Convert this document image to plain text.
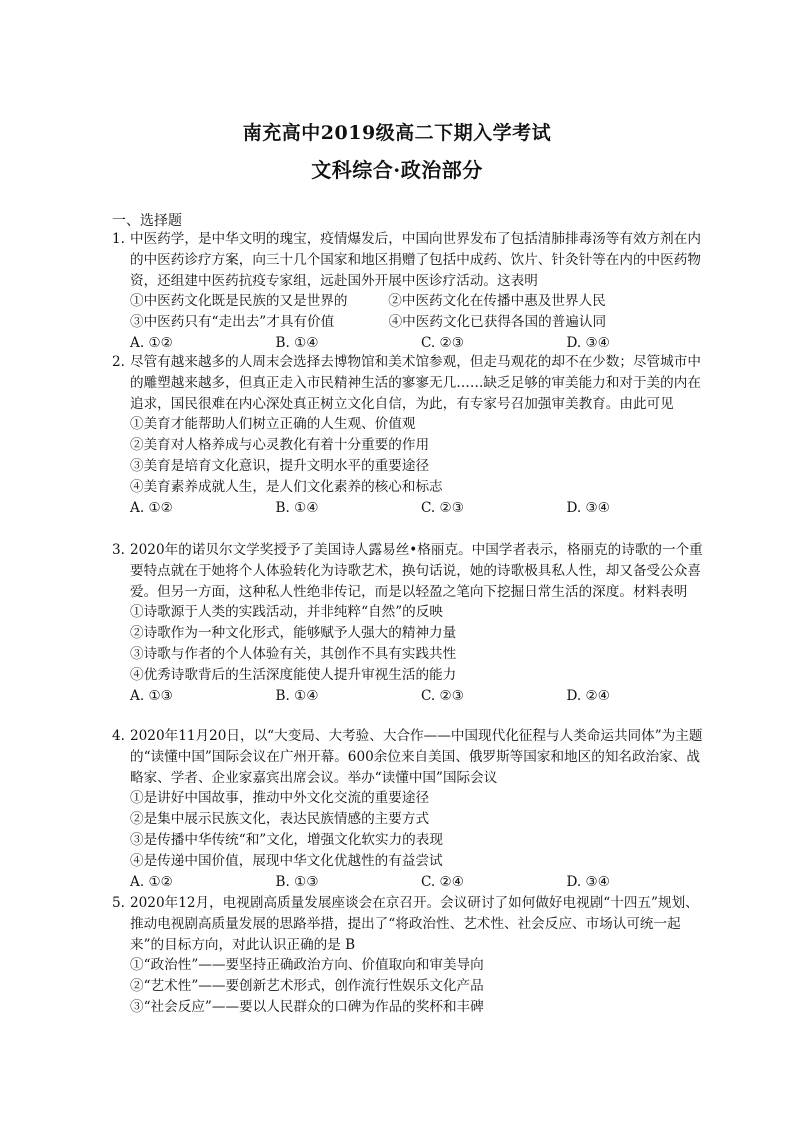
南充高中2019级高二下期入学考试
文科综合·政治部分
一、选择题
1. 中医药学，是中华文明的瑰宝，疫情爆发后，中国向世界发布了包括清肺排毒汤等有效方剂在内的中医药诊疗方案，向三十几个国家和地区捐赠了包括中成药、饮片、针灸针等在内的中医药物资，还组建中医药抗疫专家组，远赴国外开展中医诊疗活动。这表明
①中医药文化既是民族的又是世界的　　　②中医药文化在传播中惠及世界人民
③中医药只有“走出去”才具有价值　　　　④中医药文化已获得各国的普遍认同
A. ①②	B. ①④	C. ②③	D. ③④
2. 尽管有越来越多的人周末会选择去博物馆和美术馆参观，但走马观花的却不在少数；尽管城市中的雕塑越来越多，但真正走入市民精神生活的寥寥无几……缺乏足够的审美能力和对于美的内在追求，国民很难在内心深处真正树立文化自信，为此，有专家号召加强审美教育。由此可见
①美育才能帮助人们树立正确的人生观、价值观
②美育对人格养成与心灵教化有着十分重要的作用
③美育是培育文化意识，提升文明水平的重要途径
④美育素养成就人生，是人们文化素养的核心和标志
A. ①②	B. ①④	C. ②③	D. ③④
3. 2020年的诺贝尔文学奖授予了美国诗人露易丝•格丽克。中国学者表示，格丽克的诗歌的一个重要特点就在于她将个人体验转化为诗歌艺术，换句话说，她的诗歌极具私人性，却又备受公众喜爱。但另一方面，这种私人性绝非传记，而是以轻盈之笔向下挖掘日常生活的深度。材料表明
①诗歌源于人类的实践活动，并非纯粹“自然”的反映
②诗歌作为一种文化形式，能够赋予人强大的精神力量
③诗歌与作者的个人体验有关，其创作不具有实践共性
④优秀诗歌背后的生活深度能使人提升审视生活的能力
A. ①③	B. ①④	C. ②③	D. ②④
4. 2020年11月20日，以“大变局、大考验、大合作——中国现代化征程与人类命运共同体”为主题的“读懂中国”国际会议在广州开幕。600余位来自美国、俄罗斯等国家和地区的知名政治家、战略家、学者、企业家嘉宾出席会议。举办“读懂中国”国际会议
①是讲好中国故事，推动中外文化交流的重要途径
②是集中展示民族文化，表达民族情感的主要方式
③是传播中华传统“和”文化，增强文化软实力的表现
④是传递中国价值，展现中华文化优越性的有益尝试
A. ①②	B. ①③	C. ②④	D. ③④
5. 2020年12月，电视剧高质量发展座谈会在京召开。会议研讨了如何做好电视剧“十四五”规划、推动电视剧高质量发展的思路举措，提出了“将政治性、艺术性、社会反应、市场认可统一起来”的目标方向，对此认识正确的是 B
①“政治性”——要坚持正确政治方向、价值取向和审美导向
②“艺术性”——要创新艺术形式，创作流行性娱乐文化产品
③“社会反应”——要以人民群众的口碑为作品的奖杯和丰碑
